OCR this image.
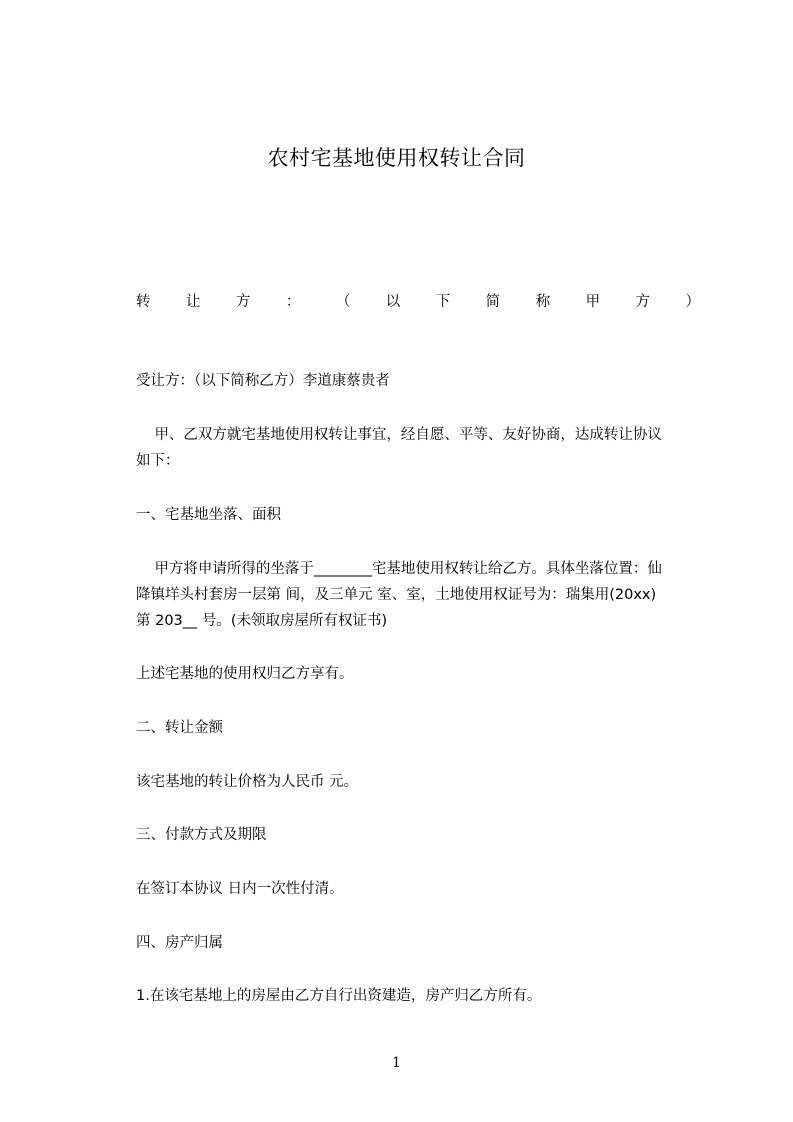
农村宅基地使用权转让合同
转 让 方 ： （ 以 下 简 称 甲 方 ）
受让方：（以下简称乙方）李道康蔡贵者
甲、乙双方就宅基地使用权转让事宜，经自愿、平等、友好协商，达成转让协议
如下：
一、宅基地坐落、面积
甲方将申请所得的坐落于________宅基地使用权转让给乙方。具体坐落位置：仙
降镇垟头村套房一层第 间，及三单元 室、室，土地使用权证号为：瑞集用(20xx)
第 203__ 号。(未领取房屋所有权证书)
上述宅基地的使用权归乙方享有。
二、转让金额
该宅基地的转让价格为人民币 元。
三、付款方式及期限
在签订本协议 日内一次性付清。
四、房产归属
1.在该宅基地上的房屋由乙方自行出资建造，房产归乙方所有。
1
